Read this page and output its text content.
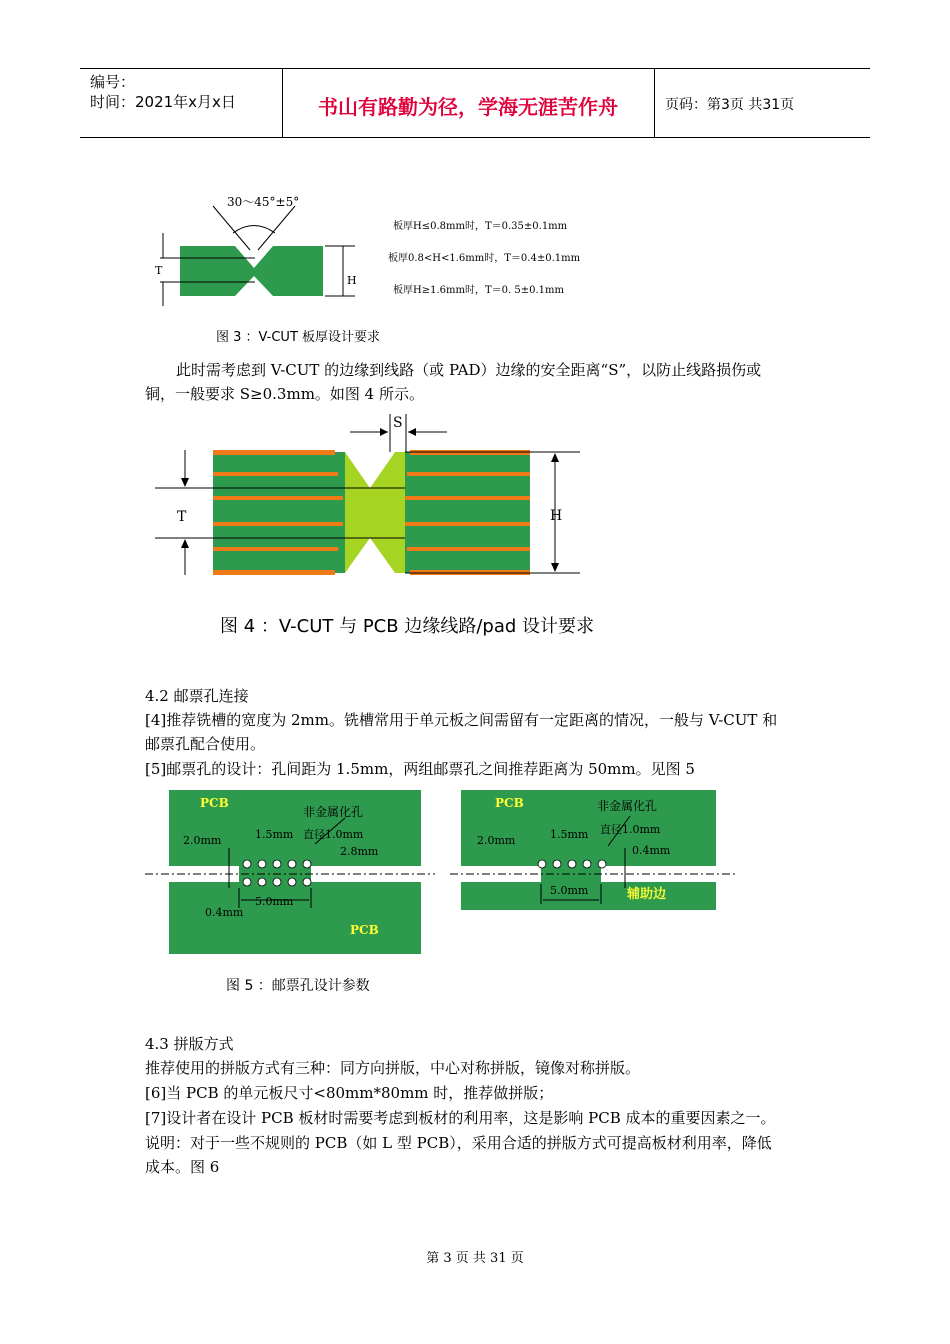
编号：
时间：2021年x月x日	书山有路勤为径，学海无涯苦作舟	页码：第3页 共31页
30～45°±5°
T
H
板厚H≤0.8mm时，T＝0.35±0.1mm
板厚0.8<H<1.6mm时，T＝0.4±0.1mm
板厚H≥1.6mm时，T＝0. 5±0.1mm
图 3 ：V-CUT 板厚设计要求
此时需考虑到 V-CUT 的边缘到线路（或 PAD）边缘的安全距离“S”，以防止线路损伤或
铜，一般要求 S≥0.3mm。如图 4 所示。
S
T	H
图 4 ：V-CUT 与 PCB 边缘线路/pad 设计要求
4.2 邮票孔连接
[4]推荐铣槽的宽度为 2mm。铣槽常用于单元板之间需留有一定距离的情况，一般与 V-CUT 和
邮票孔配合使用。
[5]邮票孔的设计：孔间距为 1.5mm，两组邮票孔之间推荐距离为 50mm。见图 5
PCB
PCB
非金属化孔
2.0mm	1.5mm 直径1.0mm
2.8mm
0.4mm
5.0mm
PCB	非金属化孔
2.0mm	1.5mm 直径1.0mm
0.4mm
5.0mm	辅助边
图 5 ：邮票孔设计参数
4.3 拼版方式
推荐使用的拼版方式有三种：同方向拼版，中心对称拼版，镜像对称拼版。
[6]当 PCB 的单元板尺寸<80mm*80mm 时，推荐做拼版；
[7]设计者在设计 PCB 板材时需要考虑到板材的利用率，这是影响 PCB 成本的重要因素之一。
说明：对于一些不规则的 PCB（如 L 型 PCB），采用合适的拼版方式可提高板材利用率，降低
成本。图 6
第 3 页 共 31 页
